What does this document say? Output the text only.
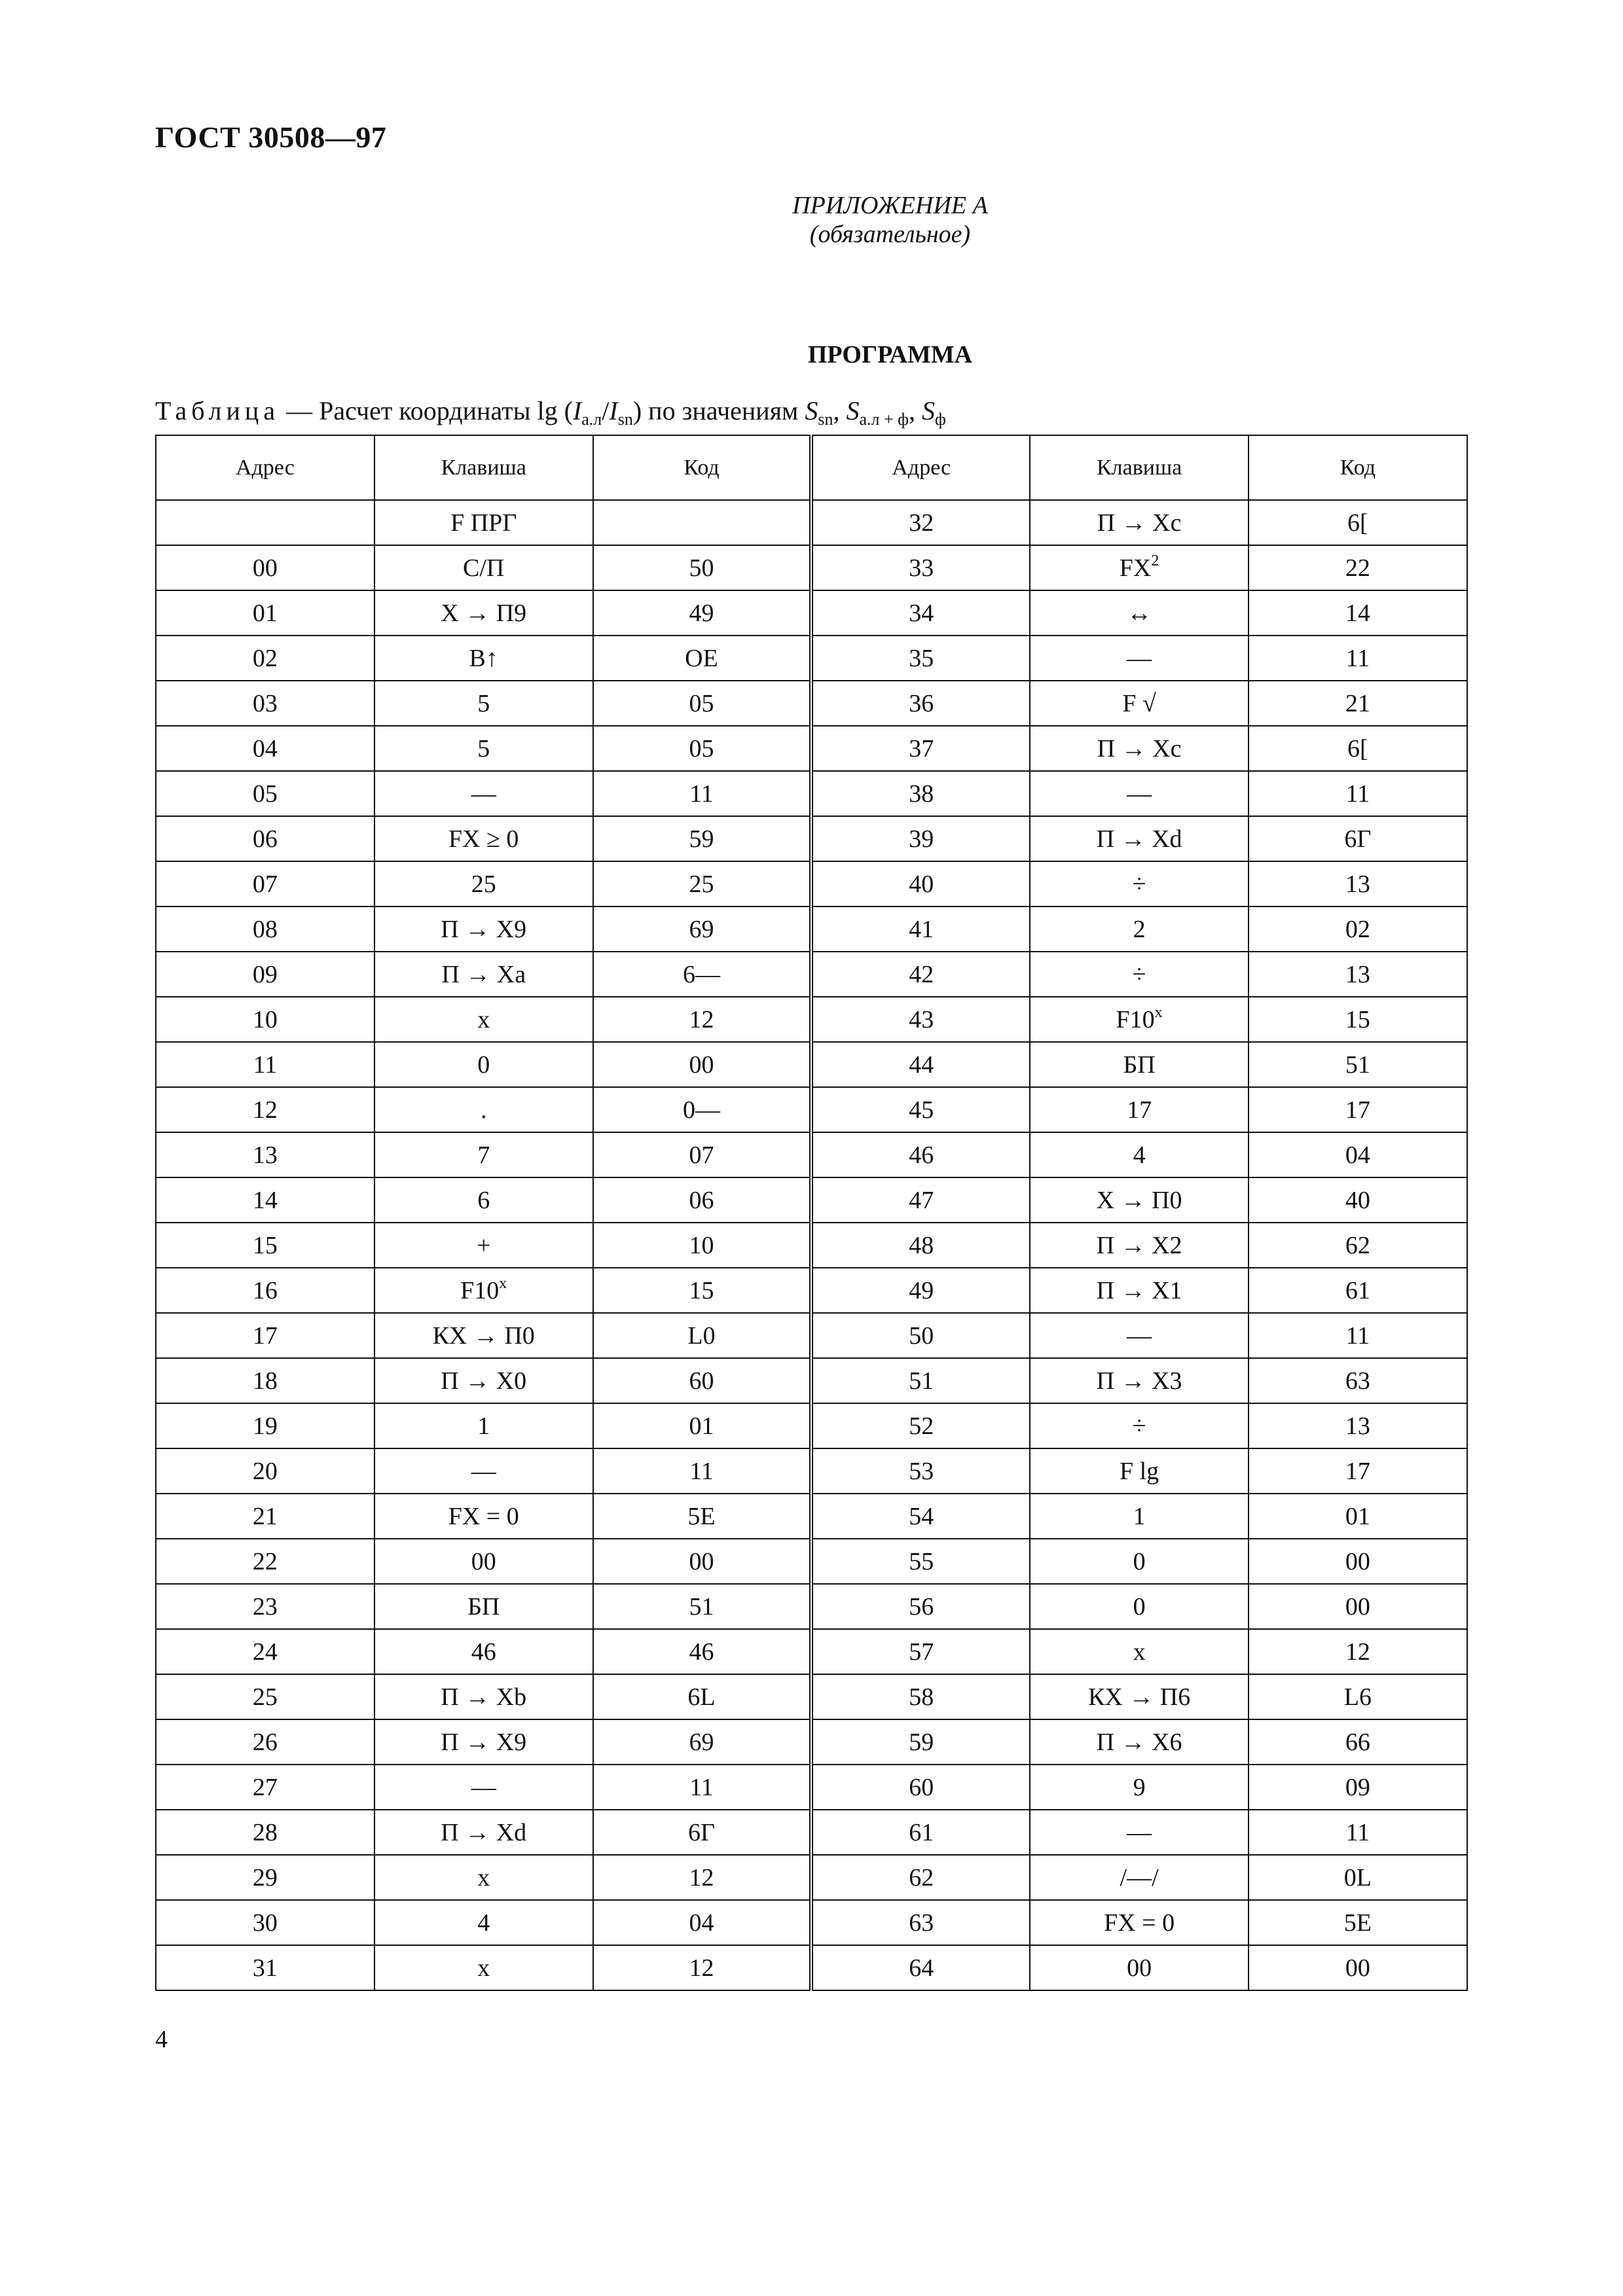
ГОСТ 30508—97
ПРИЛОЖЕНИЕ А
(обязательное)
ПРОГРАММА
Таблица — Расчет координаты $\lg (I_{а.л}/I_{sn})$ по значениям $S_{sn}$, $S_{а.л + ф}$, $S_ф$
Адрес	Клавиша	Код	Адрес	Клавиша	Код
	F ПРГ		32	П → Xc	6[
00	С/П	50	33	$FX^2$	22
01	X → П9	49	34	↔	14
02	В↑	ОЕ	35	—	11
03	5	05	36	F √	21
04	5	05	37	П → Xc	6[
05	—	11	38	—	11
06	FX ≥ 0	59	39	П → Xd	6Г
07	25	25	40	÷	13
08	П → X9	69	41	2	02
09	П → Xa	6—	42	÷	13
10	x	12	43	F10$^x$	15
11	0	00	44	БП	51
12	.	0—	45	17	17
13	7	07	46	4	04
14	6	06	47	X → П0	40
15	+	10	48	П → X2	62
16	F10$^x$	15	49	П → X1	61
17	КX → П0	L0	50	—	11
18	П → X0	60	51	П → X3	63
19	1	01	52	÷	13
20	—	11	53	F lg	17
21	FX = 0	5E	54	1	01
22	00	00	55	0	00
23	БП	51	56	0	00
24	46	46	57	x	12
25	П → Xb	6L	58	КX → П6	L6
26	П → X9	69	59	П → X6	66
27	—	11	60	9	09
28	П → Xd	6Г	61	—	11
29	x	12	62	/—/	0L
30	4	04	63	FX = 0	5E
31	x	12	64	00	00
4
